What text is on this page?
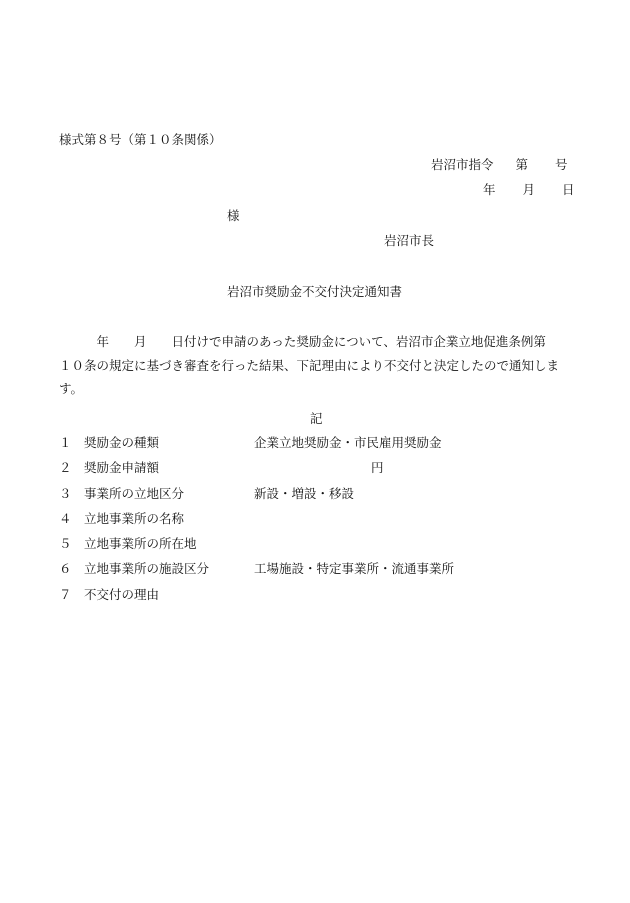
様式第８号（第１０条関係）
岩沼市指令 第 号
年 月 日
様
岩沼市長
岩沼市奨励金不交付決定通知書
　　　年　　月　　日付けで申請のあった奨励金について、岩沼市企業立地促進条例第
１０条の規定に基づき審査を行った結果、下記理由により不交付と決定したので通知しま
す。
記
１ 奨励金の種類	企業立地奨励金・市民雇用奨励金
２ 奨励金申請額	円
３ 事業所の立地区分	新設・増設・移設
４ 立地事業所の名称
５ 立地事業所の所在地
６ 立地事業所の施設区分	工場施設・特定事業所・流通事業所
７ 不交付の理由
